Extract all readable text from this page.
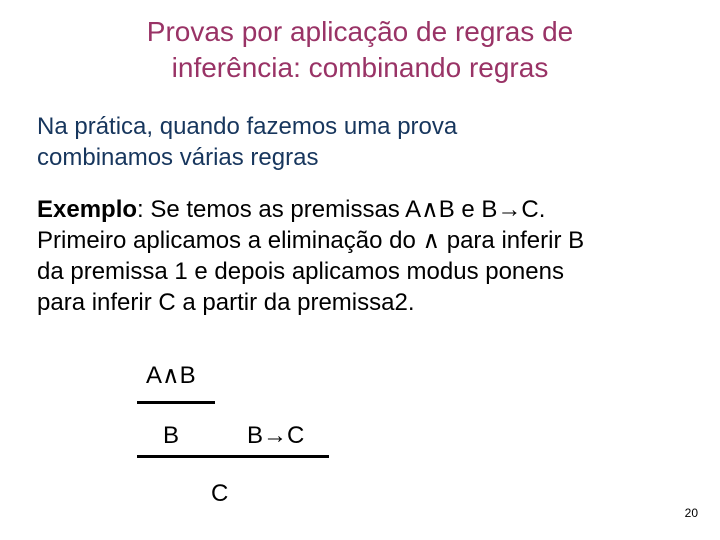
Provas por aplicação de regras de
inferência: combinando regras
Na prática, quando fazemos uma prova
combinamos várias regras
Exemplo: Se temos as premissas A∧B e B→C.
Primeiro aplicamos a eliminação do ∧ para inferir B
da premissa 1 e depois aplicamos modus ponens
para inferir C a partir da premissa2.
A∧B
B	B→C
C
20
